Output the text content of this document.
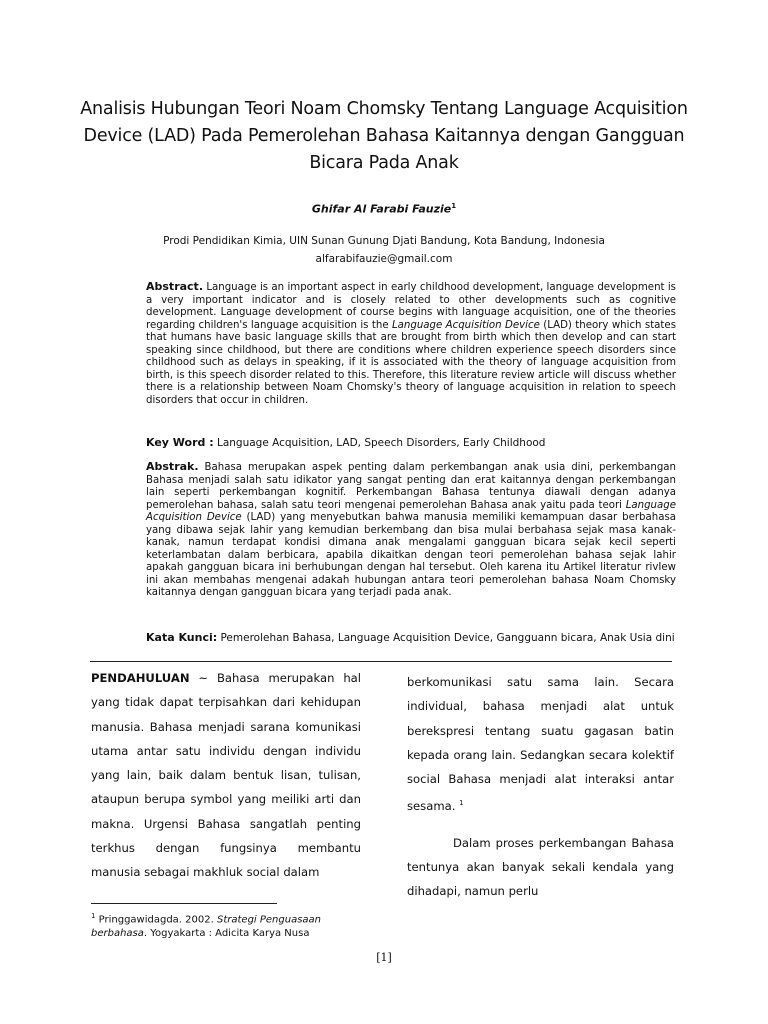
Analisis Hubungan Teori Noam Chomsky Tentang Language Acquisition Device (LAD) Pada Pemerolehan Bahasa Kaitannya dengan Gangguan Bicara Pada Anak
Ghifar Al Farabi Fauzie$^1$
Prodi Pendidikan Kimia, UIN Sunan Gunung Djati Bandung, Kota Bandung, Indonesia
alfarabifauzie@gmail.com
Abstract. Language is an important aspect in early childhood development, language development is a very important indicator and is closely related to other developments such as cognitive development. Language development of course begins with language acquisition, one of the theories regarding children's language acquisition is the Language Acquisition Device (LAD) theory which states that humans have basic language skills that are brought from birth which then develop and can start speaking since childhood, but there are conditions where children experience speech disorders since childhood such as delays in speaking, if it is associated with the theory of language acquisition from birth, is this speech disorder related to this. Therefore, this literature review article will discuss whether there is a relationship between Noam Chomsky's theory of language acquisition in relation to speech disorders that occur in children.
Key Word : Language Acquisition, LAD, Speech Disorders, Early Childhood
Abstrak. Bahasa merupakan aspek penting dalam perkembangan anak usia dini, perkembangan Bahasa menjadi salah satu idikator yang sangat penting dan erat kaitannya dengan perkembangan lain seperti perkembangan kognitif. Perkembangan Bahasa tentunya diawali dengan adanya pemerolehan bahasa, salah satu teori mengenai pemerolehan Bahasa anak yaitu pada teori Language Acquisition Device (LAD) yang menyebutkan bahwa manusia memiliki kemampuan dasar berbahasa yang dibawa sejak lahir yang kemudian berkembang dan bisa mulai berbahasa sejak masa kanak-kanak, namun terdapat kondisi dimana anak mengalami gangguan bicara sejak kecil seperti keterlambatan dalam berbicara, apabila dikaitkan dengan teori pemerolehan bahasa sejak lahir apakah gangguan bicara ini berhubungan dengan hal tersebut. Oleh karena itu Artikel literatur rivIew ini akan membahas mengenai adakah hubungan antara teori pemerolehan bahasa Noam Chomsky kaitannya dengan gangguan bicara yang terjadi pada anak.
Kata Kunci: Pemerolehan Bahasa, Language Acquisition Device, Gangguann bicara, Anak Usia dini

PENDAHULUAN ~ Bahasa merupakan hal yang tidak dapat terpisahkan dari kehidupan manusia. Bahasa menjadi sarana komunikasi utama antar satu individu dengan individu yang lain, baik dalam bentuk lisan, tulisan, ataupun berupa symbol yang meiliki arti dan makna. Urgensi Bahasa sangatlah penting terkhus dengan fungsinya membantu manusia sebagai makhluk social dalam

berkomunikasi satu sama lain. Secara individual, bahasa menjadi alat untuk berekspresi tentang suatu gagasan batin kepada orang lain. Sedangkan secara kolektif social Bahasa menjadi alat interaksi antar sesama. $^1$

Dalam proses perkembangan Bahasa tentunya akan banyak sekali kendala yang dihadapi, namun perlu

$^1$ Pringgawidagda. 2002. Strategi Penguasaan berbahasa. Yogyakarta : Adicita Karya Nusa
[1]
